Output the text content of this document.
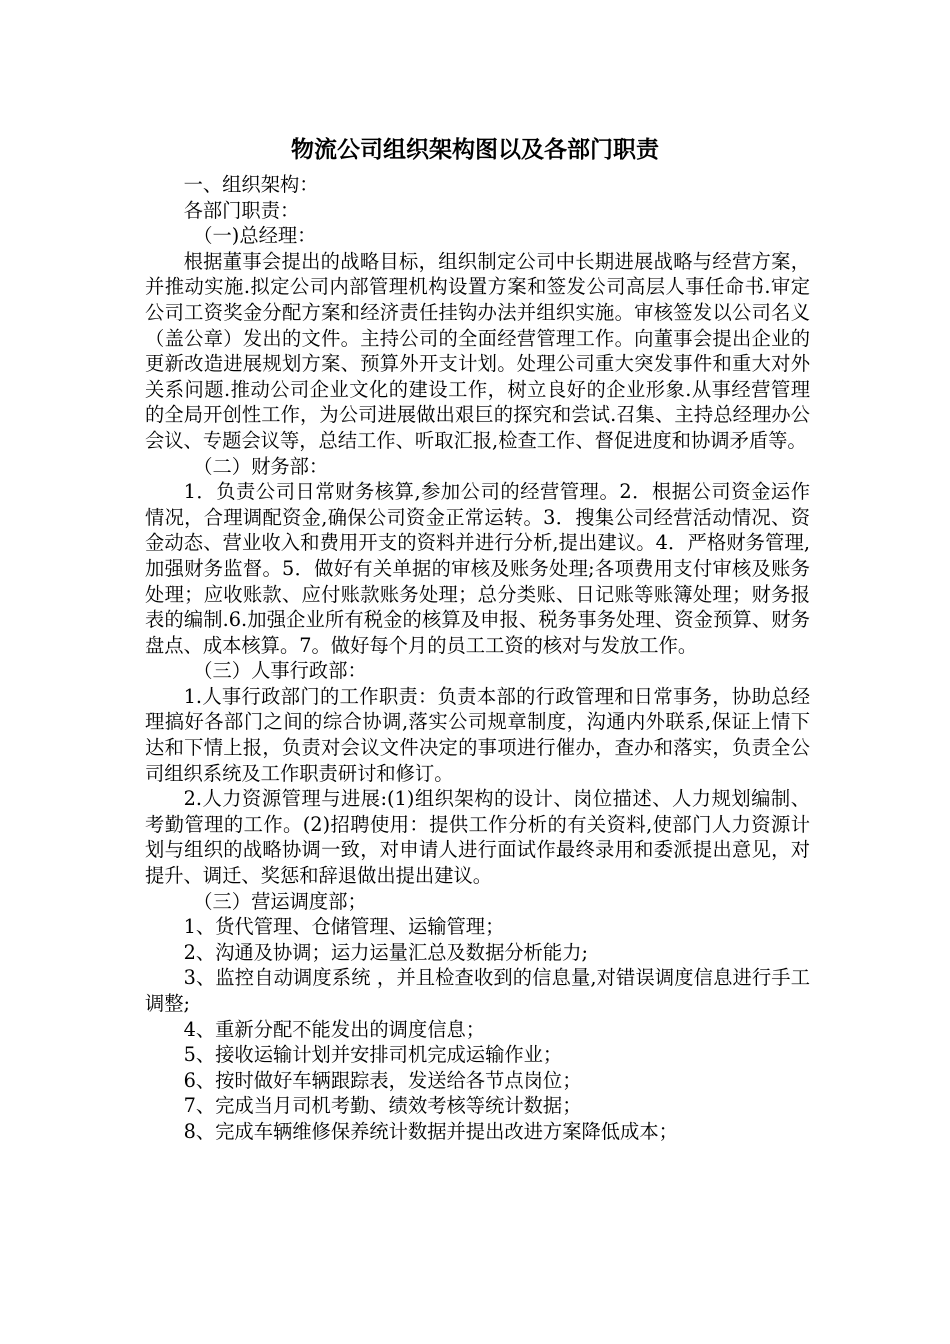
物流公司组织架构图以及各部门职责

一、组织架构：

各部门职责：

（一)总经理：

根据董事会提出的战略目标，组织制定公司中长期进展战略与经营方案，并推动实施.拟定公司内部管理机构设置方案和签发公司高层人事任命书.审定公司工资奖金分配方案和经济责任挂钩办法并组织实施。审核签发以公司名义（盖公章）发出的文件。主持公司的全面经营管理工作。向董事会提出企业的更新改造进展规划方案、预算外开支计划。处理公司重大突发事件和重大对外关系问题.推动公司企业文化的建设工作，树立良好的企业形象.从事经营管理的全局开创性工作，为公司进展做出艰巨的探究和尝试.召集、主持总经理办公会议、专题会议等，总结工作、听取汇报,检查工作、督促进度和协调矛盾等。

（二）财务部：

1．负责公司日常财务核算,参加公司的经营管理。2．根据公司资金运作情况，合理调配资金,确保公司资金正常运转。3．搜集公司经营活动情况、资金动态、营业收入和费用开支的资料并进行分析,提出建议。4．严格财务管理,加强财务监督。5．做好有关单据的审核及账务处理;各项费用支付审核及账务处理；应收账款、应付账款账务处理；总分类账、日记账等账簿处理；财务报表的编制.6.加强企业所有税金的核算及申报、税务事务处理、资金预算、财务盘点、成本核算。7。做好每个月的员工工资的核对与发放工作。

（三）人事行政部：

1.人事行政部门的工作职责：负责本部的行政管理和日常事务，协助总经理搞好各部门之间的综合协调,落实公司规章制度，沟通内外联系,保证上情下达和下情上报，负责对会议文件决定的事项进行催办，查办和落实，负责全公司组织系统及工作职责研讨和修订。

2.人力资源管理与进展:(1)组织架构的设计、岗位描述、人力规划编制、考勤管理的工作。(2)招聘使用：提供工作分析的有关资料,使部门人力资源计划与组织的战略协调一致，对申请人进行面试作最终录用和委派提出意见，对提升、调迁、奖惩和辞退做出提出建议。

（三）营运调度部；

1、货代管理、仓储管理、运输管理；

2、沟通及协调；运力运量汇总及数据分析能力;

3、监控自动调度系统 ，并且检查收到的信息量,对错误调度信息进行手工调整;

4、重新分配不能发出的调度信息；

5、接收运输计划并安排司机完成运输作业；

6、按时做好车辆跟踪表，发送给各节点岗位；

7、完成当月司机考勤、绩效考核等统计数据；

8、完成车辆维修保养统计数据并提出改进方案降低成本；
